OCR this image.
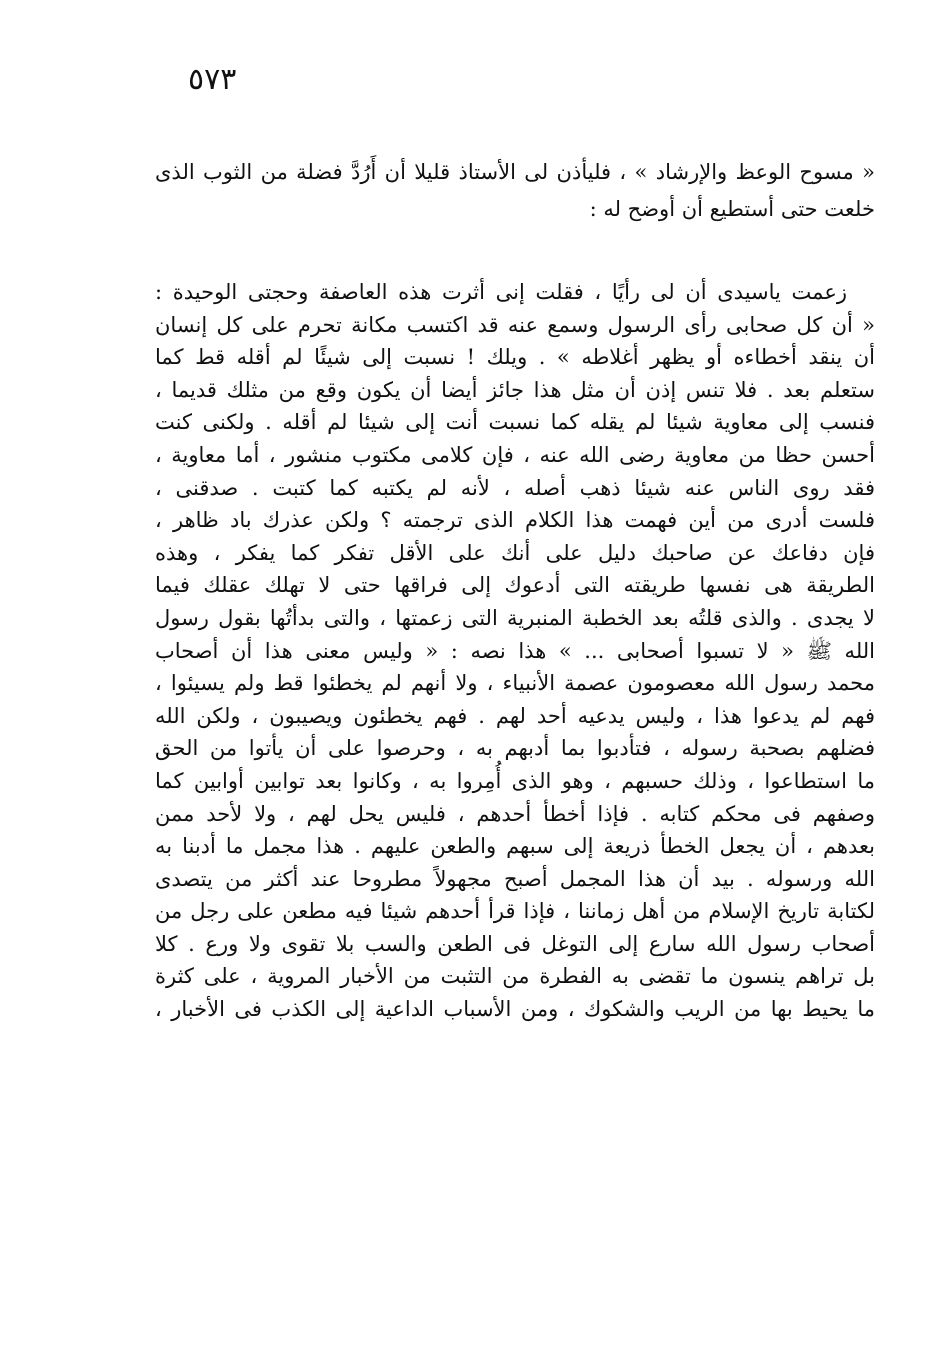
٥٧٣
« مسوح الوعظ والإرشاد » ، فليأذن لى الأستاذ قليلا أن أَرُدَّ فضلة من الثوب الذى
خلعت حتى أستطيع أن أوضح له :
زعمت ياسيدى أن لى رأيًا ، فقلت إنى أثرت هذه العاصفة وحجتى الوحيدة :
« أن كل صحابى رأى الرسول وسمع عنه قد اكتسب مكانة تحرم على كل إنسان
أن ينقد أخطاءه أو يظهر أغلاطه » . ويلك ! نسبت إلى شيئًا لم أقله قط كما
ستعلم بعد . فلا تنس إذن أن مثل هذا جائز أيضا أن يكون وقع من مثلك قديما ،
فنسب إلى معاوية شيئا لم يقله كما نسبت أنت إلى شيئا لم أقله . ولكنى كنت
أحسن حظا من معاوية رضى الله عنه ، فإن كلامى مكتوب منشور ، أما معاوية ،
فقد روى الناس عنه شيئا ذهب أصله ، لأنه لم يكتبه كما كتبت . صدقنى ،
فلست أدرى من أين فهمت هذا الكلام الذى ترجمته ؟ ولكن عذرك باد ظاهر ،
فإن دفاعك عن صاحبك دليل على أنك على الأقل تفكر كما يفكر ، وهذه
الطريقة هى نفسها طريقته التى أدعوك إلى فراقها حتى لا تهلك عقلك فيما
لا يجدى . والذى قلتُه بعد الخطبة المنبرية التى زعمتها ، والتى بدأتُها بقول رسول
الله ﷺ « لا تسبوا أصحابى ... » هذا نصه : « وليس معنى هذا أن أصحاب
محمد رسول الله معصومون عصمة الأنبياء ، ولا أنهم لم يخطئوا قط ولم يسيئوا ،
فهم لم يدعوا هذا ، وليس يدعيه أحد لهم . فهم يخطئون ويصيبون ، ولكن الله
فضلهم بصحبة رسوله ، فتأدبوا بما أدبهم به ، وحرصوا على أن يأتوا من الحق
ما استطاعوا ، وذلك حسبهم ، وهو الذى أُمِروا به ، وكانوا بعد توابين أوابين كما
وصفهم فى محكم كتابه . فإذا أخطأ أحدهم ، فليس يحل لهم ، ولا لأحد ممن
بعدهم ، أن يجعل الخطأ ذريعة إلى سبهم والطعن عليهم . هذا مجمل ما أدبنا به
الله ورسوله . بيد أن هذا المجمل أصبح مجهولاً مطروحا عند أكثر من يتصدى
لكتابة تاريخ الإسلام من أهل زماننا ، فإذا قرأ أحدهم شيئا فيه مطعن على رجل من
أصحاب رسول الله سارع إلى التوغل فى الطعن والسب بلا تقوى ولا ورع . كلا
بل تراهم ينسون ما تقضى به الفطرة من التثبت من الأخبار المروية ، على كثرة
ما يحيط بها من الريب والشكوك ، ومن الأسباب الداعية إلى الكذب فى الأخبار ،
